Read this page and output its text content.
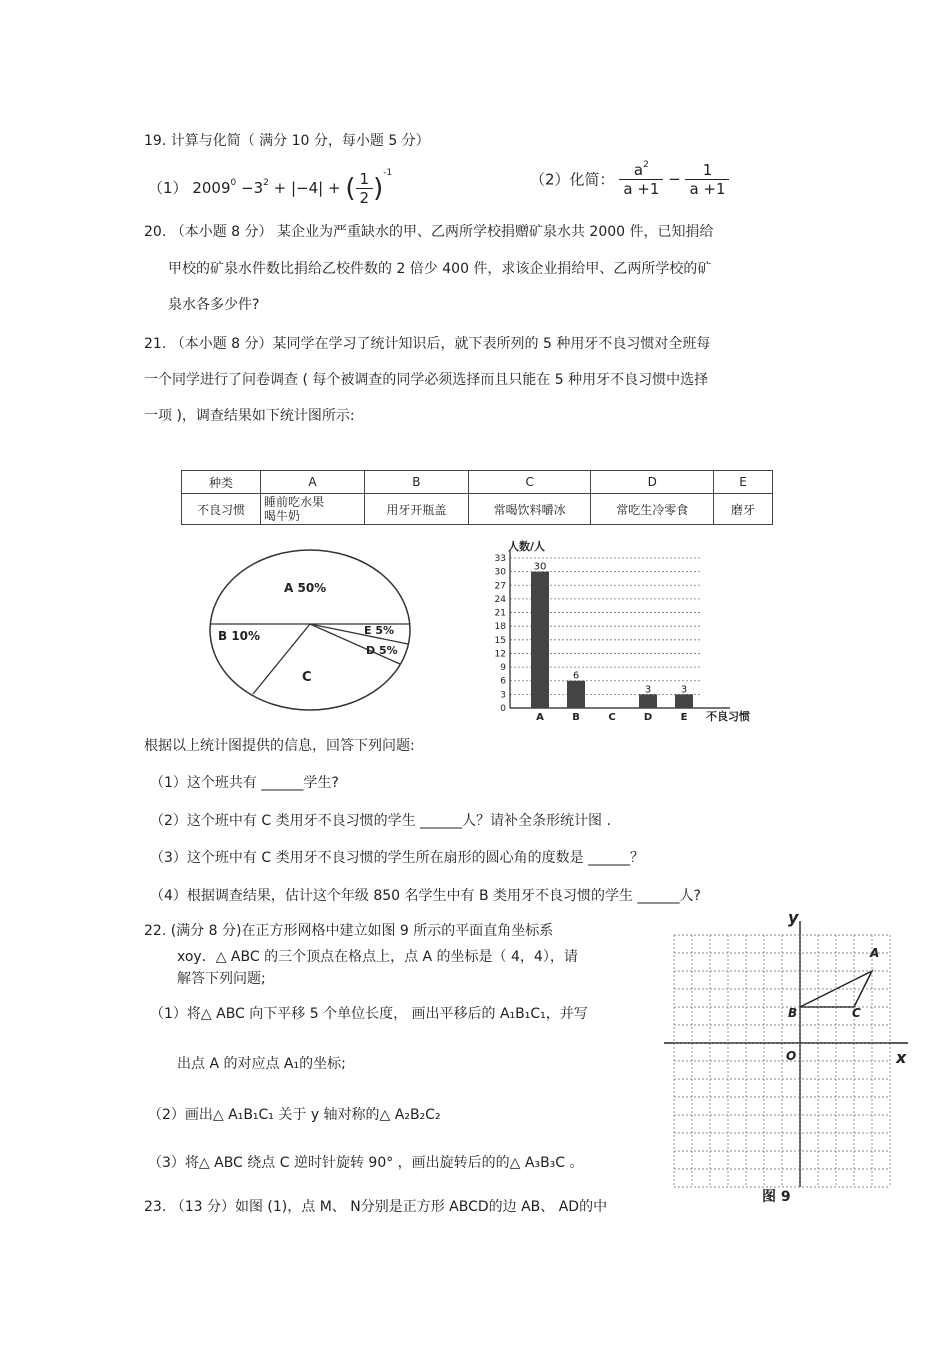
19. 计算与化简（ 满分 10 分，每小题 5 分）
（1） $2009^0 -3^2 + |-4|$ + ( $\frac{1}{2} )^{-1}$	（2）化简： $\frac{a^2}{a +1} - \frac{1}{a +1}$
20. （本小题 8 分） 某企业为严重缺水的甲、乙两所学校捐赠矿泉水共 2000 件，已知捐给
甲校的矿泉水件数比捐给乙校件数的 2 倍少 400 件，求该企业捐给甲、乙两所学校的矿
泉水各多少件?
21. （本小题 8 分）某同学在学习了统计知识后，就下表所列的 5 种用牙不良习惯对全班每
一个同学进行了问卷调查 ( 每个被调查的同学必须选择而且只能在 5 种用牙不良习惯中选择
一项 )，调查结果如下统计图所示:
种类	A	B	C	D	E
不良习惯	睡前吃水果
喝牛奶	用牙开瓶盖	常喝饮料嚼冰	常吃生冷零食	磨牙
A 50%
B 10%
C
D 5%
E 5%
人数/人
不良习惯
0
3
6
9
12
15
18
21
24
27
30
33
30
A
6
B	C
3
D
3
E
根据以上统计图提供的信息，回答下列问题:
（1）这个班共有 ______学生?
（2）这个班中有 C 类用牙不良习惯的学生 ______人？请补全条形统计图 .
（3）这个班中有 C 类用牙不良习惯的学生所在扇形的圆心角的度数是 ______？
（4）根据调查结果，估计这个年级 850 名学生中有 B 类用牙不良习惯的学生 ______人?
22. (满分 8 分)在正方形网格中建立如图 9 所示的平面直角坐标系
xoy．△ ABC 的三个顶点在格点上，点 A 的坐标是（ 4，4），请
解答下列问题;
（1）将△ ABC 向下平移 5 个单位长度， 画出平移后的 A₁B₁C₁，并写
出点 A 的对应点 A₁的坐标;
（2）画出△ A₁B₁C₁ 关于 y 轴对称的△ A₂B₂C₂
（3）将△ ABC 绕点 C 逆时针旋转 90° ，画出旋转后的的△ A₃B₃C 。
y
x
O
A
B	C
图 9
23. （13 分）如图 (1)，点 M、 N分别是正方形 ABCD的边 AB、 AD的中
